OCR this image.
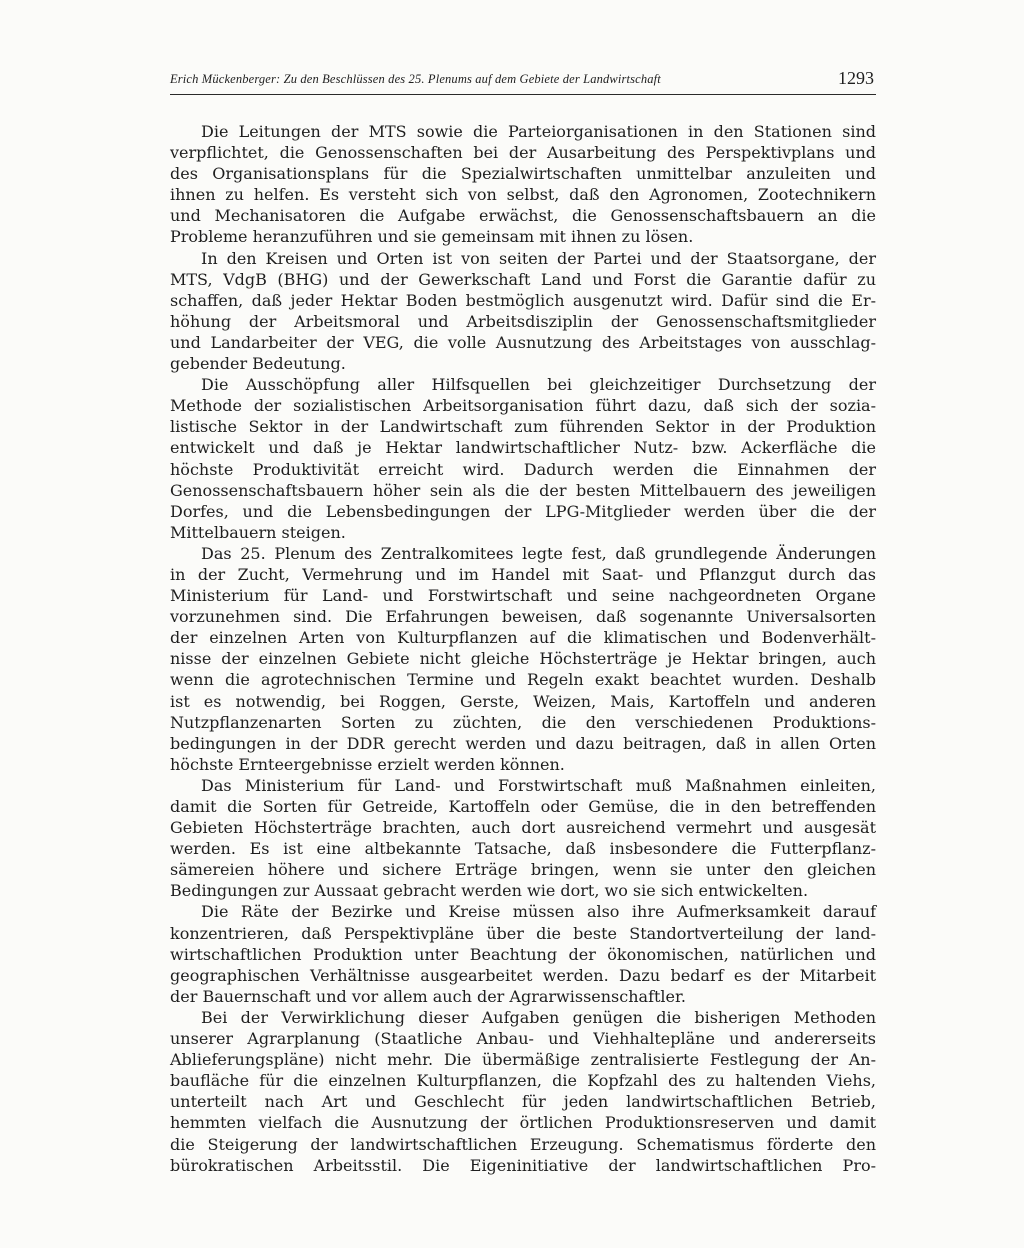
Erich Mückenberger: Zu den Beschlüssen des 25. Plenums auf dem Gebiete der Landwirtschaft	1293
Die Leitungen der MTS sowie die Parteiorganisationen in den Stationen sind
verpflichtet, die Genossenschaften bei der Ausarbeitung des Perspektivplans und
des Organisationsplans für die Spezialwirtschaften unmittelbar anzuleiten und
ihnen zu helfen. Es versteht sich von selbst, daß den Agronomen, Zootechnikern
und Mechanisatoren die Aufgabe erwächst, die Genossenschaftsbauern an die
Probleme heranzuführen und sie gemeinsam mit ihnen zu lösen.
In den Kreisen und Orten ist von seiten der Partei und der Staatsorgane, der
MTS, VdgB (BHG) und der Gewerkschaft Land und Forst die Garantie dafür zu
schaffen, daß jeder Hektar Boden bestmöglich ausgenutzt wird. Dafür sind die Er-
höhung der Arbeitsmoral und Arbeitsdisziplin der Genossenschaftsmitglieder
und Landarbeiter der VEG, die volle Ausnutzung des Arbeitstages von ausschlag-
gebender Bedeutung.
Die Ausschöpfung aller Hilfsquellen bei gleichzeitiger Durchsetzung der
Methode der sozialistischen Arbeitsorganisation führt dazu, daß sich der sozia-
listische Sektor in der Landwirtschaft zum führenden Sektor in der Produktion
entwickelt und daß je Hektar landwirtschaftlicher Nutz- bzw. Ackerfläche die
höchste Produktivität erreicht wird. Dadurch werden die Einnahmen der
Genossenschaftsbauern höher sein als die der besten Mittelbauern des jeweiligen
Dorfes, und die Lebensbedingungen der LPG-Mitglieder werden über die der
Mittelbauern steigen.
Das 25. Plenum des Zentralkomitees legte fest, daß grundlegende Änderungen
in der Zucht, Vermehrung und im Handel mit Saat- und Pflanzgut durch das
Ministerium für Land- und Forstwirtschaft und seine nachgeordneten Organe
vorzunehmen sind. Die Erfahrungen beweisen, daß sogenannte Universalsorten
der einzelnen Arten von Kulturpflanzen auf die klimatischen und Bodenverhält-
nisse der einzelnen Gebiete nicht gleiche Höchsterträge je Hektar bringen, auch
wenn die agrotechnischen Termine und Regeln exakt beachtet wurden. Deshalb
ist es notwendig, bei Roggen, Gerste, Weizen, Mais, Kartoffeln und anderen
Nutzpflanzenarten Sorten zu züchten, die den verschiedenen Produktions-
bedingungen in der DDR gerecht werden und dazu beitragen, daß in allen Orten
höchste Ernteergebnisse erzielt werden können.
Das Ministerium für Land- und Forstwirtschaft muß Maßnahmen einleiten,
damit die Sorten für Getreide, Kartoffeln oder Gemüse, die in den betreffenden
Gebieten Höchsterträge brachten, auch dort ausreichend vermehrt und ausgesät
werden. Es ist eine altbekannte Tatsache, daß insbesondere die Futterpflanz-
sämereien höhere und sichere Erträge bringen, wenn sie unter den gleichen
Bedingungen zur Aussaat gebracht werden wie dort, wo sie sich entwickelten.
Die Räte der Bezirke und Kreise müssen also ihre Aufmerksamkeit darauf
konzentrieren, daß Perspektivpläne über die beste Standortverteilung der land-
wirtschaftlichen Produktion unter Beachtung der ökonomischen, natürlichen und
geographischen Verhältnisse ausgearbeitet werden. Dazu bedarf es der Mitarbeit
der Bauernschaft und vor allem auch der Agrarwissenschaftler.
Bei der Verwirklichung dieser Aufgaben genügen die bisherigen Methoden
unserer Agrarplanung (Staatliche Anbau- und Viehhaltepläne und andererseits
Ablieferungspläne) nicht mehr. Die übermäßige zentralisierte Festlegung der An-
baufläche für die einzelnen Kulturpflanzen, die Kopfzahl des zu haltenden Viehs,
unterteilt nach Art und Geschlecht für jeden landwirtschaftlichen Betrieb,
hemmten vielfach die Ausnutzung der örtlichen Produktionsreserven und damit
die Steigerung der landwirtschaftlichen Erzeugung. Schematismus förderte den
bürokratischen Arbeitsstil. Die Eigeninitiative der landwirtschaftlichen Pro-
